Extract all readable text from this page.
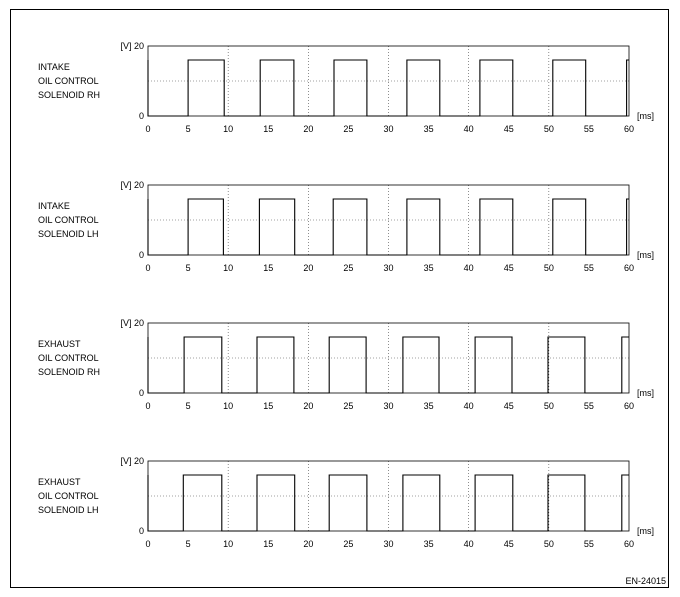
0	5	10	15	20	25	30	35	40	45	50	55	60
0
[V] 20
[ms]
INTAKE
OIL CONTROL
SOLENOID RH
0	5	10	15	20	25	30	35	40	45	50	55	60
0
[V] 20
[ms]
INTAKE
OIL CONTROL
SOLENOID LH
0	5	10	15	20	25	30	35	40	45	50	55	60
0
[V] 20
[ms]
EXHAUST
OIL CONTROL
SOLENOID RH
0	5	10	15	20	25	30	35	40	45	50	55	60
0
[V] 20
[ms]
EXHAUST
OIL CONTROL
SOLENOID LH
EN-24015
